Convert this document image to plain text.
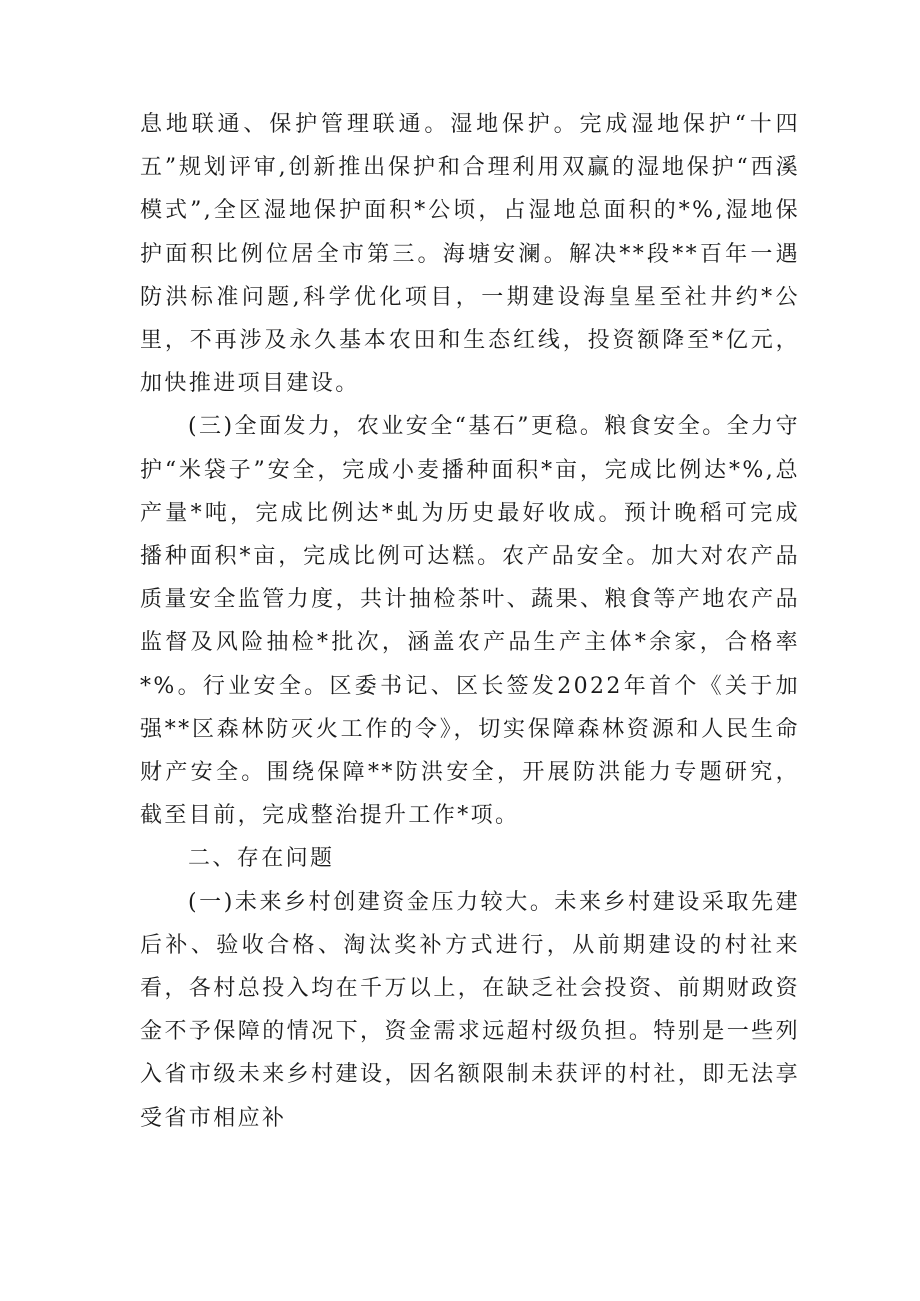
息地联通、保护管理联通。湿地保护。完成湿地保护“十四五”规划评审,创新推出保护和合理利用双赢的湿地保护“西溪模式”,全区湿地保护面积*公顷，占湿地总面积的*%,湿地保护面积比例位居全市第三。海塘安澜。解决**段**百年一遇防洪标准问题,科学优化项目，一期建设海皇星至社井约*公里，不再涉及永久基本农田和生态红线，投资额降至*亿元，加快推进项目建设。

(三)全面发力，农业安全“基石”更稳。粮食安全。全力守护“米袋子”安全，完成小麦播种面积*亩，完成比例达*%,总产量*吨，完成比例达*虬为历史最好收成。预计晚稻可完成播种面积*亩，完成比例可达糕。农产品安全。加大对农产品质量安全监管力度，共计抽检茶叶、蔬果、粮食等产地农产品监督及风险抽检*批次，涵盖农产品生产主体*余家，合格率*%。行业安全。区委书记、区长签发2022年首个《关于加强**区森林防灭火工作的令》，切实保障森林资源和人民生命财产安全。围绕保障**防洪安全，开展防洪能力专题研究，截至目前，完成整治提升工作*项。

二、存在问题

(一)未来乡村创建资金压力较大。未来乡村建设采取先建后补、验收合格、淘汰奖补方式进行，从前期建设的村社来看，各村总投入均在千万以上，在缺乏社会投资、前期财政资金不予保障的情况下，资金需求远超村级负担。特别是一些列入省市级未来乡村建设，因名额限制未获评的村社，即无法享受省市相应补
